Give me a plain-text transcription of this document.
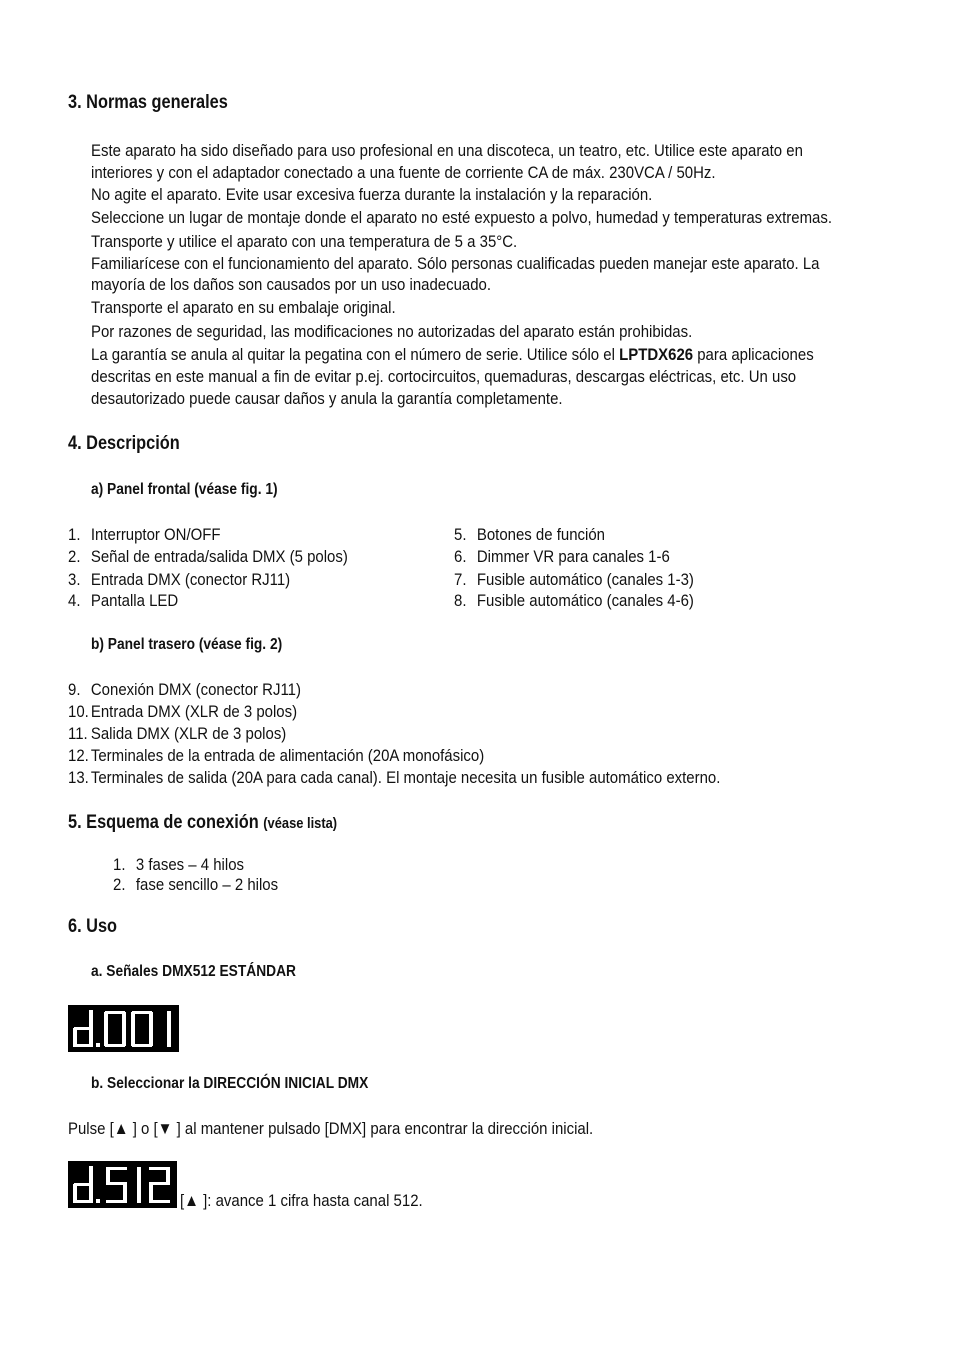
3. Normas generales
Este aparato ha sido diseñado para uso profesional en una discoteca, un teatro, etc. Utilice este aparato en
interiores y con el adaptador conectado a una fuente de corriente CA de máx. 230VCA / 50Hz.
No agite el aparato. Evite usar excesiva fuerza durante la instalación y la reparación.
Seleccione un lugar de montaje donde el aparato no esté expuesto a polvo, humedad y temperaturas extremas.
Transporte y utilice el aparato con una temperatura de 5 a 35°C.
Familiarícese con el funcionamiento del aparato. Sólo personas cualificadas pueden manejar este aparato. La
mayoría de los daños son causados por un uso inadecuado.
Transporte el aparato en su embalaje original.
Por razones de seguridad, las modificaciones no autorizadas del aparato están prohibidas.
La garantía se anula al quitar la pegatina con el número de serie. Utilice sólo el LPTDX626 para aplicaciones
descritas en este manual a fin de evitar p.ej. cortocircuitos, quemaduras, descargas eléctricas, etc. Un uso
desautorizado puede causar daños y anula la garantía completamente.
4. Descripción
a) Panel frontal (véase fig. 1)
1. Interruptor ON/OFF
2. Señal de entrada/salida DMX (5 polos)
3. Entrada DMX (conector RJ11)
4. Pantalla LED
5. Botones de función
6. Dimmer VR para canales 1-6
7. Fusible automático (canales 1-3)
8. Fusible automático (canales 4-6)
b) Panel trasero (véase fig. 2)
9. Conexión DMX (conector RJ11)
10. Entrada DMX (XLR de 3 polos)
11. Salida DMX (XLR de 3 polos)
12. Terminales de la entrada de alimentación (20A monofásico)
13. Terminales de salida (20A para cada canal). El montaje necesita un fusible automático externo.
5. Esquema de conexión (véase lista)
1. 3 fases – 4 hilos
2. fase sencillo – 2 hilos
6. Uso
a. Señales DMX512 ESTÁNDAR
b. Seleccionar la DIRECCIÓN INICIAL DMX
Pulse [▲ ] o [▼ ] al mantener pulsado [DMX] para encontrar la dirección inicial.
[▲ ]: avance 1 cifra hasta canal 512.
